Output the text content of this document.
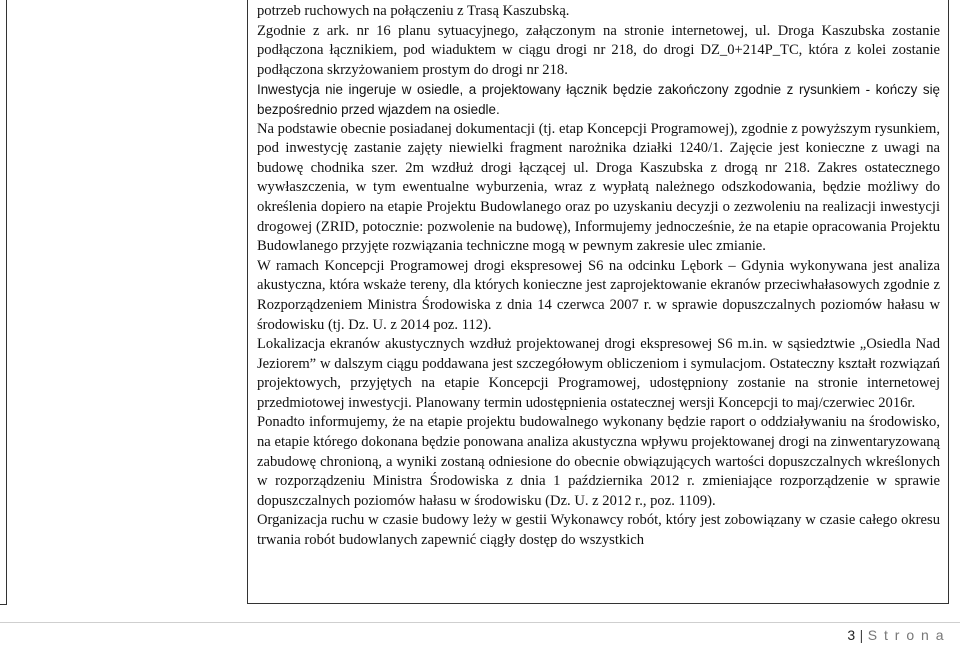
potrzeb ruchowych na połączeniu z Trasą Kaszubską.

Zgodnie z ark. nr 16 planu sytuacyjnego, załączonym na stronie internetowej, ul. Droga Kaszubska zostanie podłączona łącznikiem, pod wiaduktem w ciągu drogi nr 218, do drogi DZ_0+214P_TC, która z kolei zostanie podłączona skrzyżowaniem prostym do drogi nr 218.

Inwestycja nie ingeruje w osiedle, a projektowany łącznik będzie zakończony zgodnie z rysunkiem - kończy się bezpośrednio przed wjazdem na osiedle.

Na podstawie obecnie posiadanej dokumentacji (tj. etap Koncepcji Programowej), zgodnie z powyższym rysunkiem, pod inwestycję zastanie zajęty niewielki fragment narożnika działki 1240/1. Zajęcie jest konieczne z uwagi na budowę chodnika szer. 2m wzdłuż drogi łączącej ul. Droga Kaszubska z drogą nr 218. Zakres ostatecznego wywłaszczenia, w tym ewentualne wyburzenia, wraz z wypłatą należnego odszkodowania, będzie możliwy do określenia dopiero na etapie Projektu Budowlanego oraz po uzyskaniu decyzji o zezwoleniu na realizacji inwestycji drogowej (ZRID, potocznie: pozwolenie na budowę), Informujemy jednocześnie, że na etapie opracowania Projektu Budowlanego przyjęte rozwiązania techniczne mogą w pewnym zakresie ulec zmianie.

W ramach Koncepcji Programowej drogi ekspresowej S6 na odcinku Lębork – Gdynia wykonywana jest analiza akustyczna, która wskaże tereny, dla których konieczne jest zaprojektowanie ekranów przeciwhałasowych zgodnie z Rozporządzeniem Ministra Środowiska z dnia 14 czerwca 2007 r. w sprawie dopuszczalnych poziomów hałasu w środowisku (tj. Dz. U. z 2014 poz. 112).

Lokalizacja ekranów akustycznych wzdłuż projektowanej drogi ekspresowej S6 m.in. w sąsiedztwie „Osiedla Nad Jeziorem” w dalszym ciągu poddawana jest szczegółowym obliczeniom i symulacjom. Ostateczny kształt rozwiązań projektowych, przyjętych na etapie Koncepcji Programowej, udostępniony zostanie na stronie internetowej przedmiotowej inwestycji. Planowany termin udostępnienia ostatecznej wersji Koncepcji to maj/czerwiec 2016r.

Ponadto informujemy, że na etapie projektu budowalnego wykonany będzie raport o oddziaływaniu na środowisko, na etapie którego dokonana będzie ponowana analiza akustyczna wpływu projektowanej drogi na zinwentaryzowaną zabudowę chronioną, a wyniki zostaną odniesione do obecnie obwiązujących wartości dopuszczalnych wkreślonych w rozporządzeniu Ministra Środowiska z dnia 1 października 2012 r. zmieniające rozporządzenie w sprawie dopuszczalnych poziomów hałasu w środowisku (Dz. U. z 2012 r., poz. 1109).

Organizacja ruchu w czasie budowy leży w gestii Wykonawcy robót, który jest zobowiązany w czasie całego okresu trwania robót budowlanych zapewnić ciągły dostęp do wszystkich

3 | S t r o n a
